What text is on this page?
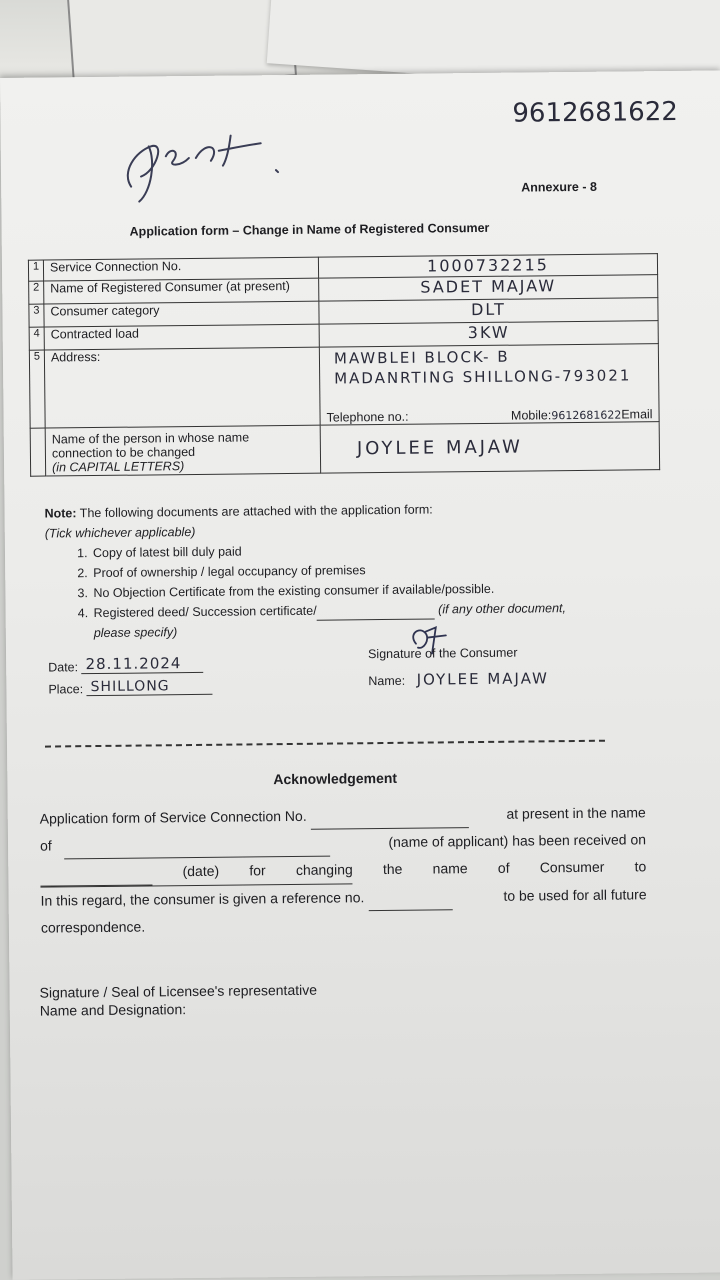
9612681622
Annexure - 8
Application form – Change in Name of Registered Consumer
1	Service Connection No.	1000732215
2	Name of Registered Consumer (at present)	SADET MAJAW
3	Consumer category	DLT
4	Contracted load	3KW
5	Address:	MAWBLEI BLOCK- B
MADANRTING SHILLONG-793021
Telephone no.: Mobile:9612681622Email

	Name of the person in whose name
connection to be changed
(in CAPITAL LETTERS)	JOYLEE MAJAW
Note: The following documents are attached with the application form:
(Tick whichever applicable)
1. Copy of latest bill duly paid
2. Proof of ownership / legal occupancy of premises
3. No Objection Certificate from the existing consumer if available/possible.
4. Registered deed/ Succession certificate/	(if any other document,
please specify)
Date: 28.11.2024
Place: SHILLONG
Signature of the Consumer
Name: JOYLEE MAJAW
Acknowledgement
Application form of Service Connection No.	at present in the name
of	(name of applicant) has been received on
(date) for changing the name of Consumer to
In this regard, the consumer is given a reference no.	to be used for all future
correspondence.
Signature / Seal of Licensee's representative
Name and Designation:
